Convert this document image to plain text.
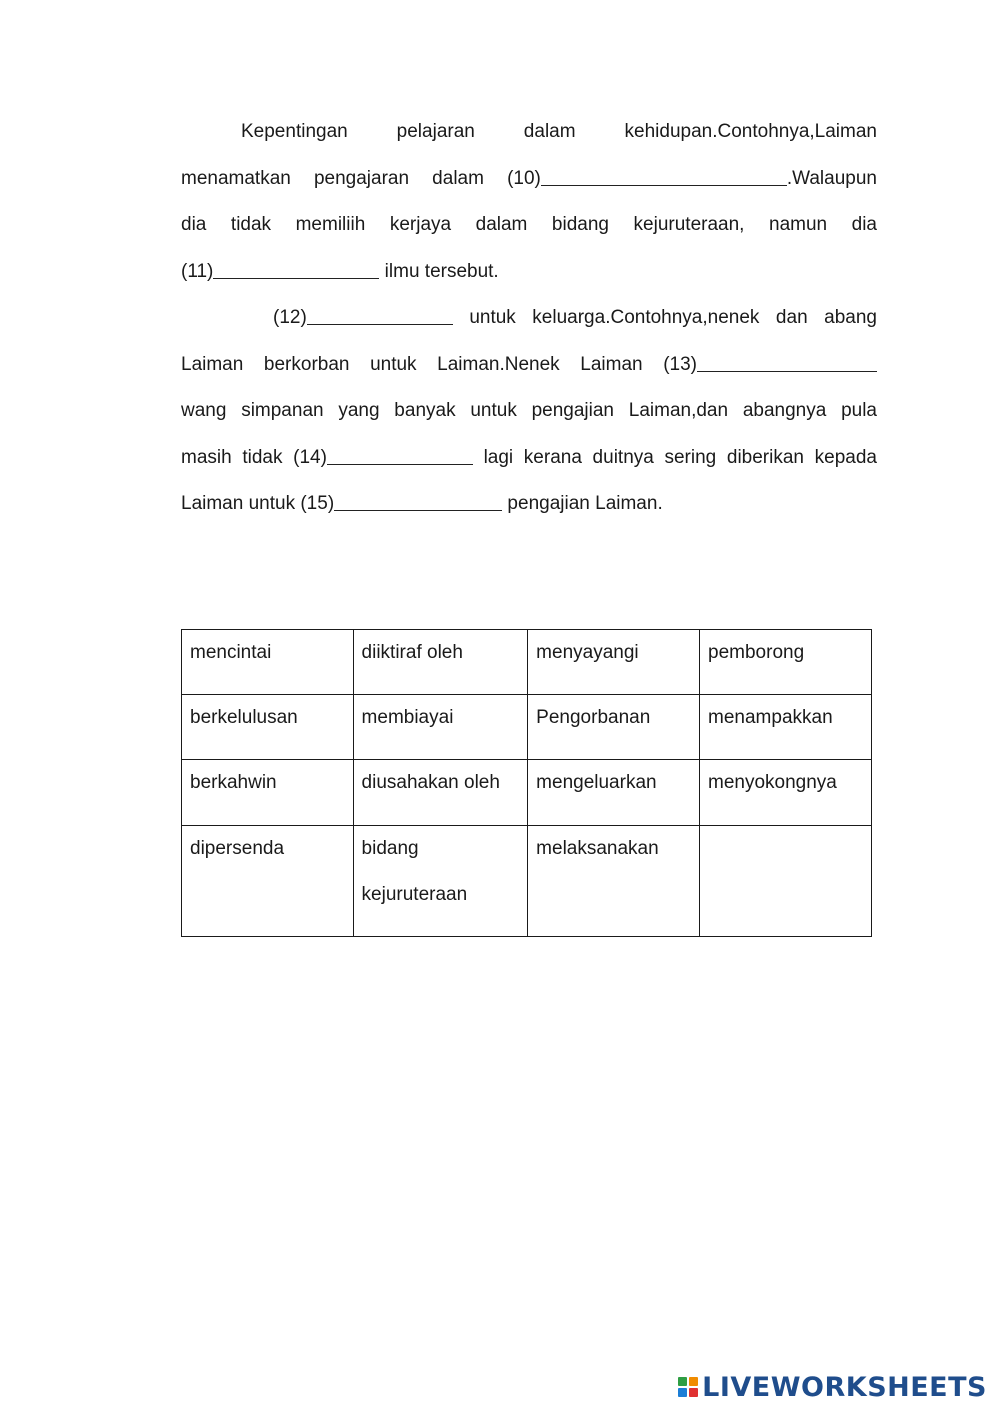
Kepentingan pelajaran dalam kehidupan.Contohnya,Laiman
menamatkan pengajaran dalam (10)	.Walaupun
dia tidak memiliih kerjaya dalam bidang kejuruteraan, namun dia
(11)	ilmu tersebut.
(12)	untuk keluarga.Contohnya,nenek dan abang
Laiman berkorban untuk Laiman.Nenek Laiman (13)
wang simpanan yang banyak untuk pengajian Laiman,dan abangnya pula
masih tidak (14)	lagi kerana duitnya sering diberikan kepada
Laiman untuk (15)	pengajian Laiman.
mencintai	diiktiraf oleh	menyayangi	pemborong
berkelulusan	membiayai	Pengorbanan	menampakkan
berkahwin	diusahakan oleh	mengeluarkan	menyokongnya
dipersenda	bidang kejuruteraan	melaksanakan	
LIVEWORKSHEETS
